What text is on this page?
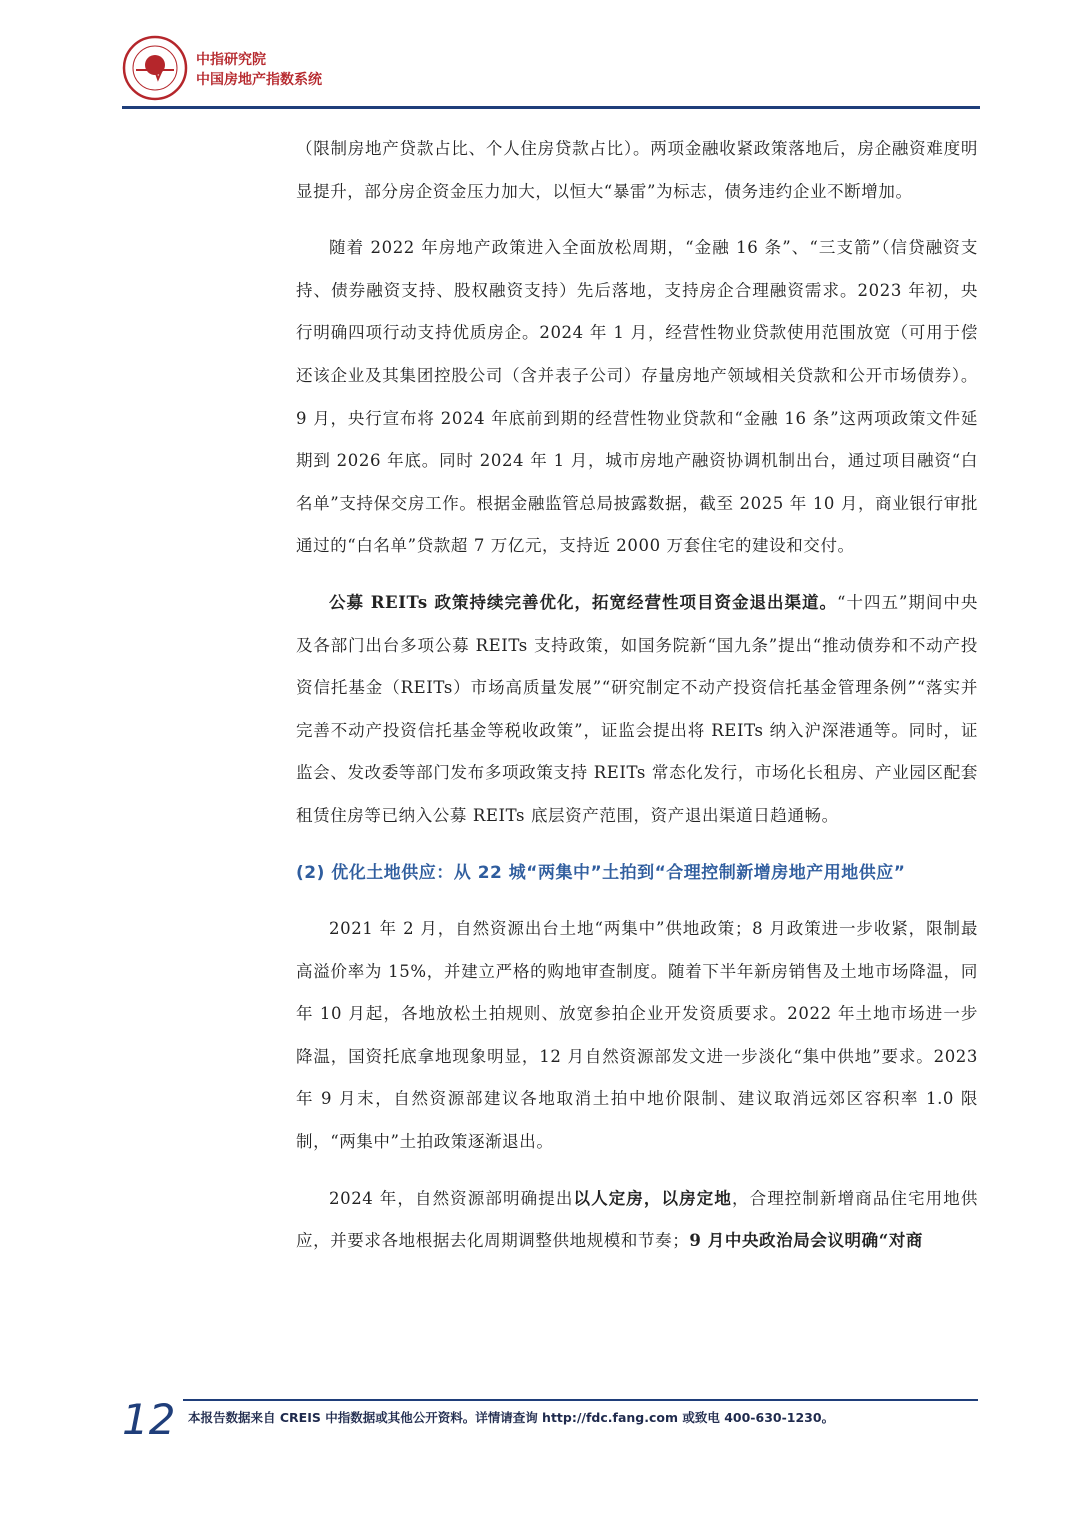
中指研究院
中国房地产指数系统

（限制房地产贷款占比、个人住房贷款占比）。两项金融收紧政策落地后，房企融资难度明显提升，部分房企资金压力加大，以恒大“暴雷”为标志，债务违约企业不断增加。

随着 2022 年房地产政策进入全面放松周期，“金融 16 条”、“三支箭”（信贷融资支持、债券融资支持、股权融资支持）先后落地，支持房企合理融资需求。2023 年初，央行明确四项行动支持优质房企。2024 年 1 月，经营性物业贷款使用范围放宽（可用于偿还该企业及其集团控股公司（含并表子公司）存量房地产领域相关贷款和公开市场债券）。9 月，央行宣布将 2024 年底前到期的经营性物业贷款和“金融 16 条”这两项政策文件延期到 2026 年底。同时 2024 年 1 月，城市房地产融资协调机制出台，通过项目融资“白名单”支持保交房工作。根据金融监管总局披露数据，截至 2025 年 10 月，商业银行审批通过的“白名单”贷款超 7 万亿元，支持近 2000 万套住宅的建设和交付。

公募 REITs 政策持续完善优化，拓宽经营性项目资金退出渠道。“十四五”期间中央及各部门出台多项公募 REITs 支持政策，如国务院新“国九条”提出“推动债券和不动产投资信托基金（REITs）市场高质量发展”“研究制定不动产投资信托基金管理条例”“落实并完善不动产投资信托基金等税收政策”，证监会提出将 REITs 纳入沪深港通等。同时，证监会、发改委等部门发布多项政策支持 REITs 常态化发行，市场化长租房、产业园区配套租赁住房等已纳入公募 REITs 底层资产范围，资产退出渠道日趋通畅。

(2) 优化土地供应：从 22 城“两集中”土拍到“合理控制新增房地产用地供应”

2021 年 2 月，自然资源出台土地“两集中”供地政策；8 月政策进一步收紧，限制最高溢价率为 15%，并建立严格的购地审查制度。随着下半年新房销售及土地市场降温，同年 10 月起，各地放松土拍规则、放宽参拍企业开发资质要求。2022 年土地市场进一步降温，国资托底拿地现象明显，12 月自然资源部发文进一步淡化“集中供地”要求。2023 年 9 月末，自然资源部建议各地取消土拍中地价限制、建议取消远郊区容积率 1.0 限制，“两集中”土拍政策逐渐退出。

2024 年，自然资源部明确提出以人定房，以房定地，合理控制新增商品住宅用地供应，并要求各地根据去化周期调整供地规模和节奏；9 月中央政治局会议明确“对商

12 本报告数据来自 CREIS 中指数据或其他公开资料。详情请查询 http://fdc.fang.com 或致电 400-630-1230。
